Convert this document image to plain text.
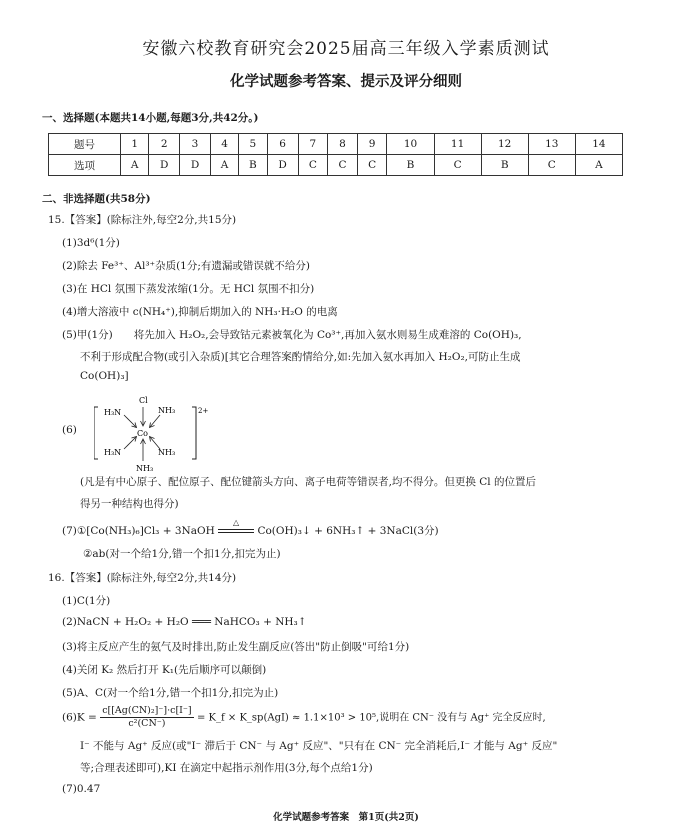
安徽六校教育研究会2025届高三年级入学素质测试
化学试题参考答案、提示及评分细则
一、选择题(本题共14小题,每题3分,共42分。)
题号	1	2	3	4	5	6	7	8	9	10	11	12	13	14
选项	A	D	D	A	B	D	C	C	C	B	C	B	C	A
二、非选择题(共58分)
15.【答案】(除标注外,每空2分,共15分)
(1)3d⁶(1分)
(2)除去 Fe³⁺、Al³⁺杂质(1分;有遗漏或错误就不给分)
(3)在 HCl 氛围下蒸发浓缩(1分。无 HCl 氛围不扣分)
(4)增大溶液中 c(NH₄⁺),抑制后期加入的 NH₃·H₂O 的电离
(5)甲(1分)　　将先加入 H₂O₂,会导致钴元素被氧化为 Co³⁺,再加入氨水则易生成难溶的 Co(OH)₃,
不利于形成配合物(或引入杂质)[其它合理答案酌情给分,如:先加入氨水再加入 H₂O₂,可防止生成
Co(OH)₃]
(6)
2+
Co
Cl
H₃N	NH₃
H₃N	NH₃
NH₃
(凡是有中心原子、配位原子、配位键箭头方向、离子电荷等错误者,均不得分。但更换 Cl 的位置后
得另一种结构也得分)
(7)①[Co(NH₃)₆]Cl₃ + 3NaOH
△
Co(OH)₃↓ + 6NH₃↑ + 3NaCl(3分)
②ab(对一个给1分,错一个扣1分,扣完为止)
16.【答案】(除标注外,每空2分,共14分)
(1)C(1分)
(2)NaCN + H₂O₂ + H₂O ═══ NaHCO₃ + NH₃↑
(3)将主反应产生的氨气及时排出,防止发生副反应(答出"防止倒吸"可给1分)
(4)关闭 K₂ 然后打开 K₁(先后顺序可以颠倒)
(5)A、C(对一个给1分,错一个扣1分,扣完为止)
$(6)K = \frac{\text{c[[Ag(CN)₂]⁻]·c[I⁻]}}{\text{c²(CN⁻)}}$ = K_f × K_sp(AgI) ≈ 1.1×10³ > 10⁵,说明在 CN⁻ 没有与 Ag⁺ 完全反应时,
I⁻ 不能与 Ag⁺ 反应(或"I⁻ 滞后于 CN⁻ 与 Ag⁺ 反应"、"只有在 CN⁻ 完全消耗后,I⁻ 才能与 Ag⁺ 反应"
等;合理表述即可),KI 在滴定中起指示剂作用(3分,每个点给1分)
(7)0.47
化学试题参考答案　第1页(共2页)
